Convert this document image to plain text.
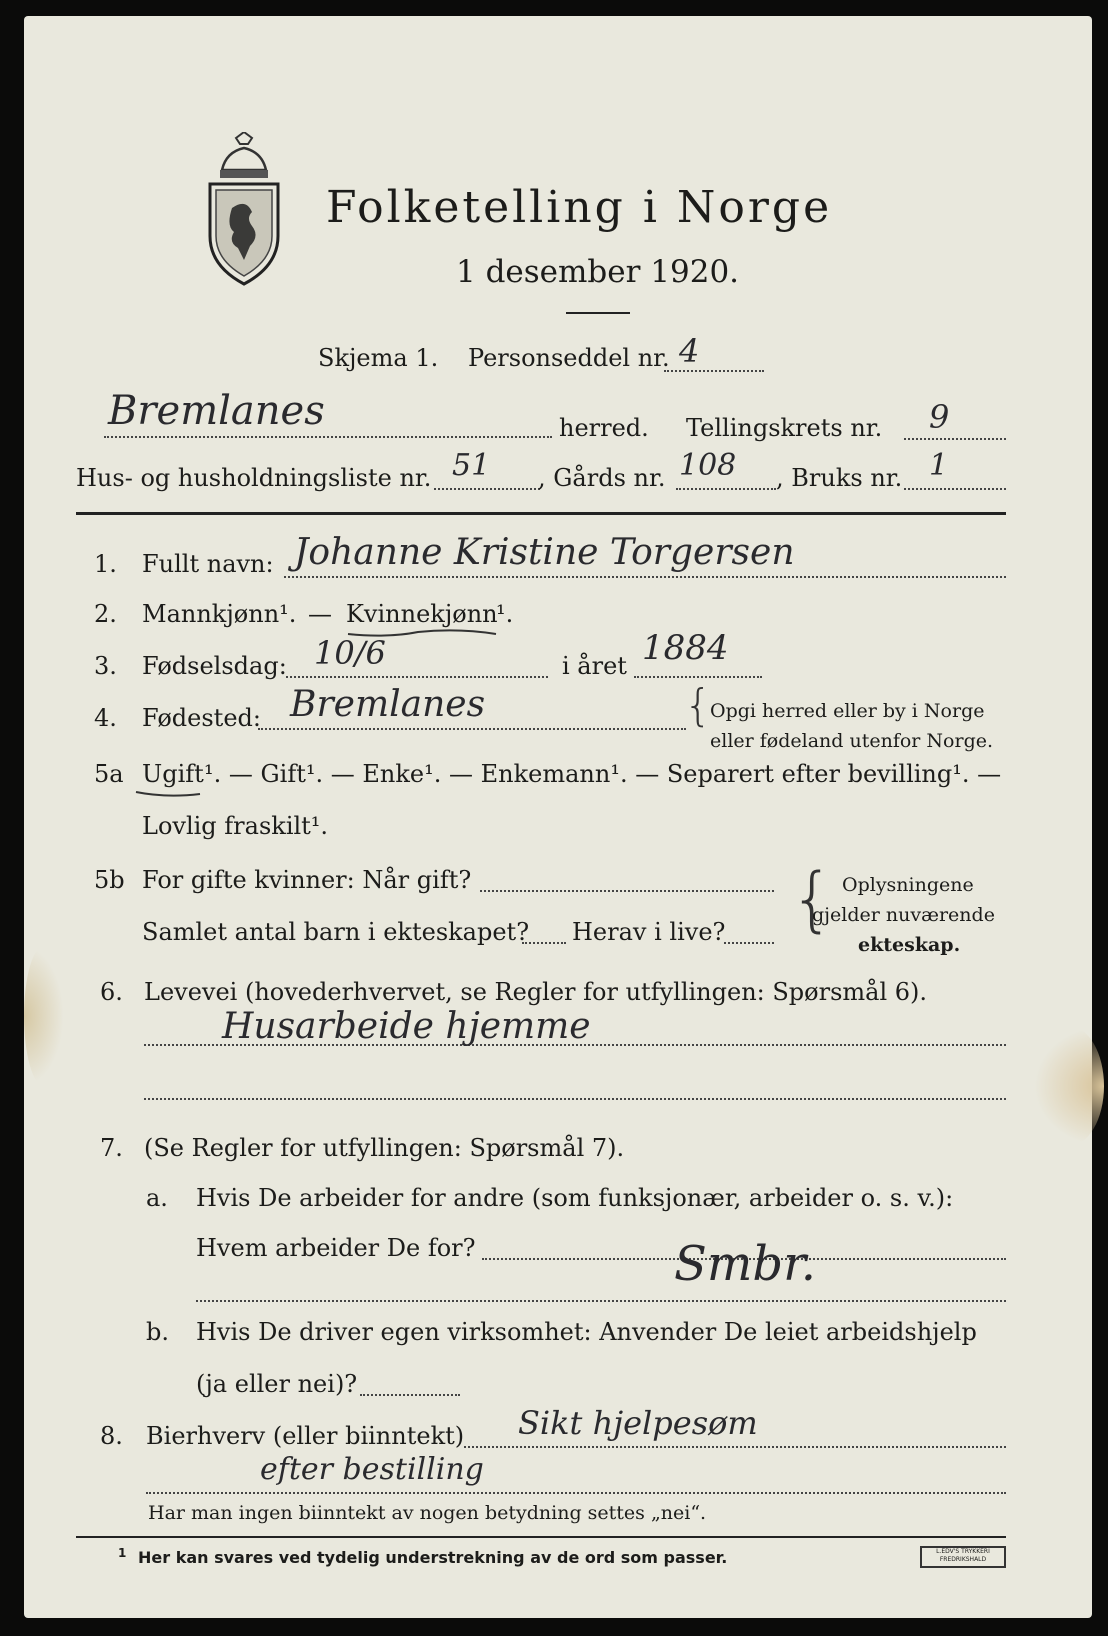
Folketelling i Norge
1 desember 1920.
Skjema 1. Personseddel nr. 4
Bremlanes	herred. Tellingskrets nr. 9
Hus- og husholdningsliste nr. 51 , Gårds nr. 108 , Bruks nr. 1
1. Fullt navn: Johanne Kristine Torgersen
2. Mannkjønn¹. — Kvinnekjønn
¹.
3. Fødselsdag: 10/6	i året 1884
4. Fødested: Bremlanes	{
Opgi herred eller by i Norge
eller fødeland utenfor Norge.
5a Ugift ¹. — Gift¹. — Enke¹. — Enkemann¹. — Separert efter bevilling¹. —
Lovlig fraskilt¹.
5b For gifte kvinner: Når gift?
Samlet antal barn i ekteskapet? Herav i live? { Oplysningene
gjelder nuværende
ekteskap.
6. Levevei (hovederhvervet, se Regler for utfyllingen: Spørsmål 6).
Husarbeide hjemme
7. (Se Regler for utfyllingen: Spørsmål 7).
a. Hvis De arbeider for andre (som funksjonær, arbeider o. s. v.):
Hvem arbeider De for?	Smbr.
b. Hvis De driver egen virksomhet: Anvender De leiet arbeidshjelp
(ja eller nei)?
8. Bierhverv (eller biinntekt) Sikt hjelpesøm
efter bestilling
Har man ingen biinntekt av nogen betydning settes „nei“.
1 Her kan svares ved tydelig understrekning av de ord som passer.	L.EDV'S TRYKKERI FREDRIKSHALD
